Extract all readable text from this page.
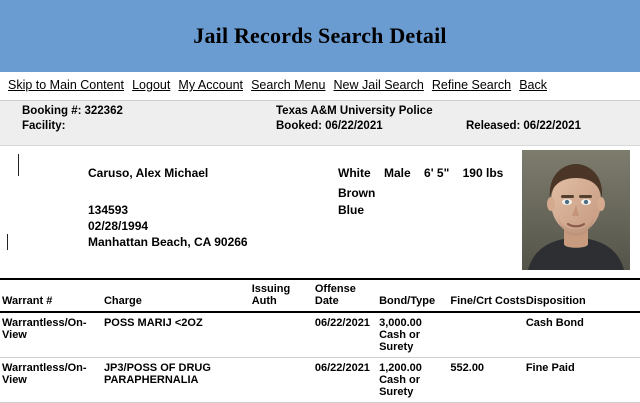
Jail Records Search Detail
Skip to Main Content Logout My Account Search Menu New Jail Search Refine Search Back
Booking #: 322362
Facility:
Texas A&M University Police
Booked: 06/22/2021	Released: 06/22/2021
Caruso, Alex Michael
134593
02/28/1994
Manhattan Beach, CA 90266
White Male 6' 5" 190 lbs
Brown
Blue
Warrant #	Charge	Issuing Auth	Offense Date	Bond/Type	Fine/Crt Costs	Disposition
Warrantless/On-View	POSS MARIJ <2OZ		06/22/2021	3,000.00 Cash or Surety		Cash Bond
Warrantless/On-View	JP3/POSS OF DRUG PARAPHERNALIA		06/22/2021	1,200.00 Cash or Surety	552.00	Fine Paid
